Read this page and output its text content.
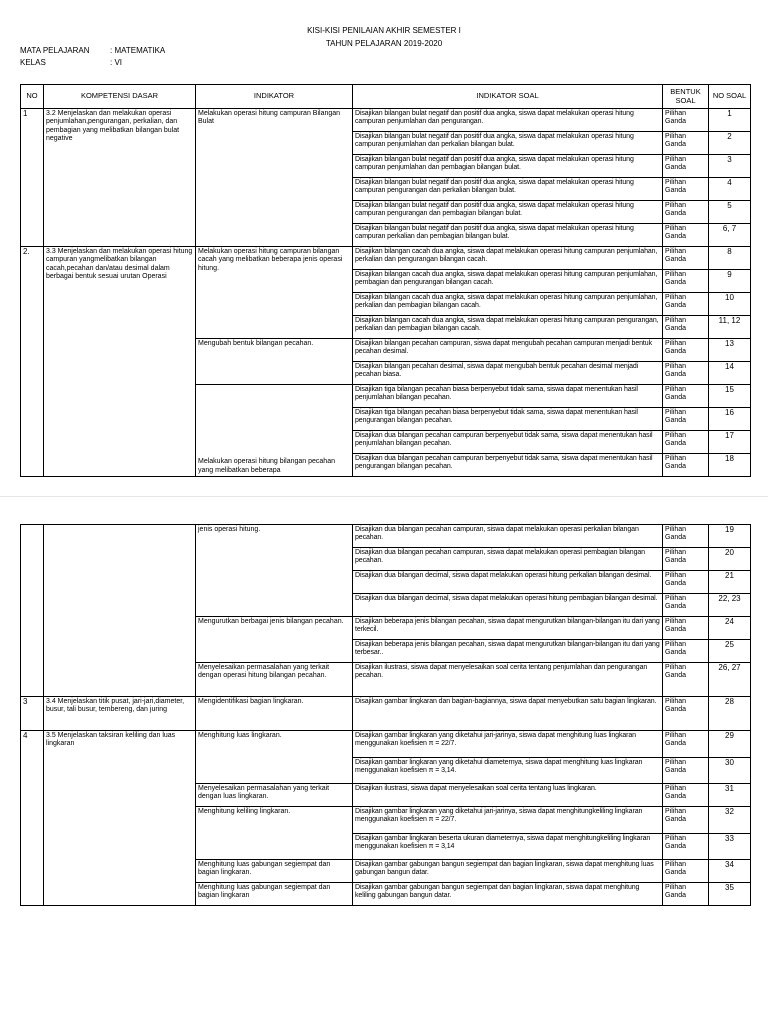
KISI-KISI PENILAIAN AKHIR SEMESTER I
TAHUN PELAJARAN 2019-2020
MATA PELAJARAN	: MATEMATIKA
KELAS	: VI
NO	KOMPETENSI DASAR	INDIKATOR	INDIKATOR SOAL	BENTUK SOAL	NO SOAL
1	3.2 Menjelaskan dan melakukan operasi penjumlahan,pengurangan, perkalian, dan pembagian yang melibatkan bilangan bulat negative	Melakukan operasi hitung campuran Bilangan Bulat	Disajikan bilangan bulat negatif dan positif dua angka, siswa dapat melakukan operasi hitung campuran penjumlahan dan pengurangan.	Pilihan Ganda	1
			Disajikan bilangan bulat negatif dan positif dua angka, siswa dapat melakukan operasi hitung campuran penjumlahan dan perkalian bilangan bulat.	Pilihan Ganda	2
			Disajikan bilangan bulat negatif dan positif dua angka, siswa dapat melakukan operasi hitung campuran penjumlahan dan pembagian bilangan bulat.	Pilihan Ganda	3
			Disajikan bilangan bulat negatif dan positif dua angka, siswa dapat melakukan operasi hitung campuran pengurangan dan perkalian bilangan bulat.	Pilihan Ganda	4
			Disajikan bilangan bulat negatif dan positif dua angka, siswa dapat melakukan operasi hitung campuran pengurangan dan pembagian bilangan bulat.	Pilihan Ganda	5
			Disajikan bilangan bulat negatif dan positif dua angka, siswa dapat melakukan operasi hitung campuran perkalian dan pembagian bilangan bulat.	Pilihan Ganda	6, 7
2.	3.3 Menjelaskan dan melakukan operasi hitung campuran yangmelibatkan bilangan cacah,pecahan dan/atau desimal dalam berbagai bentuk sesuai urutan Operasi	Melakukan operasi hitung campuran bilangan cacah yang melibatkan beberapa jenis operasi hitung.	Disajikan bilangan cacah dua angka, siswa dapat melakukan operasi hitung campuran penjumlahan, perkalian dan pengurangan bilangan cacah.	Pilihan Ganda	8
			Disajikan bilangan cacah dua angka, siswa dapat melakukan operasi hitung campuran penjumlahan, pembagian dan pengurangan bilangan cacah.	Pilihan Ganda	9
			Disajikan bilangan cacah dua angka, siswa dapat melakukan operasi hitung campuran penjumlahan, perkalian dan pembagian bilangan cacah.	Pilihan Ganda	10
			Disajikan bilangan cacah dua angka, siswa dapat melakukan operasi hitung campuran pengurangan, perkalian dan pembagian bilangan cacah.	Pilihan Ganda	11, 12
		Mengubah bentuk bilangan pecahan.	Disajikan bilangan pecahan campuran, siswa dapat mengubah pecahan campuran menjadi bentuk pecahan desimal.	Pilihan Ganda	13
			Disajikan bilangan pecahan desimal, siswa dapat mengubah bentuk pecahan desimal menjadi pecahan biasa.	Pilihan Ganda	14
		Melakukan operasi hitung bilangan pecahan yang melibatkan beberapa	Disajikan tiga bilangan pecahan biasa berpenyebut tidak sama, siswa dapat menentukan hasil penjumlahan bilangan pecahan.	Pilihan Ganda	15
			Disajikan tiga bilangan pecahan biasa berpenyebut tidak sama, siswa dapat menentukan hasil pengurangan bilangan pecahan.	Pilihan Ganda	16
			Disajikan dua bilangan pecahan campuran berpenyebut tidak sama, siswa dapat menentukan hasil penjumlahan bilangan pecahan.	Pilihan Ganda	17
			Disajikan dua bilangan pecahan campuran berpenyebut tidak sama, siswa dapat menentukan hasil pengurangan bilangan pecahan.	Pilihan Ganda	18
		jenis operasi hitung.	Disajikan dua bilangan pecahan campuran, siswa dapat melakukan operasi perkalian bilangan pecahan.	Pilihan Ganda	19
			Disajikan dua bilangan pecahan campuran, siswa dapat melakukan operasi pembagian bilangan pecahan.	Pilihan Ganda	20
			Disajikan dua bilangan decimal, siswa dapat melakukan operasi hitung perkalian bilangan desimal.	Pilihan Ganda	21
			Disajikan dua bilangan decimal, siswa dapat melakukan operasi hitung pembagian bilangan desimal.	Pilihan Ganda	22, 23
		Mengurutkan berbagai jenis bilangan pecahan.	Disajikan beberapa jenis bilangan pecahan, siswa dapat mengurutkan bilangan-bilangan itu dari yang terkecil.	Pilihan Ganda	24
			Disajikan beberapa jenis bilangan pecahan, siswa dapat mengurutkan bilangan-bilangan itu dari yang terbesar..	Pilihan Ganda	25
		Menyelesaikan permasalahan yang terkait dengan operasi hitung bilangan pecahan.	Disajikan ilustrasi, siswa dapat menyelesaikan soal cerita tentang penjumlahan dan pengurangan pecahan.	Pilihan Ganda	26, 27
3	3.4 Menjelaskan titik pusat, jari-jari,diameter, busur, tali busur, tembereng, dan juring	Mengidentifikasi bagian lingkaran.	Disajikan gambar lingkaran dan bagian-bagiannya, siswa dapat menyebutkan satu bagian lingkaran.	Pilihan Ganda	28
4	3.5 Menjelaskan taksiran keliling dan luas lingkaran	Menghitung luas lingkaran.	Disajikan gambar lingkaran yang diketahui jari-jarinya, siswa dapat menghitung luas lingkaran menggunakan koefisien π = 22/7.	Pilihan Ganda	29
			Disajikan gambar lingkaran yang diketahui diameternya, siswa dapat menghitung luas lingkaran menggunakan koefisien π = 3,14.	Pilihan Ganda	30
		Menyelesaikan permasalahan yang terkait dengan luas lingkaran.	Disajikan ilustrasi, siswa dapat menyelesaikan soal cerita tentang luas lingkaran.	Pilihan Ganda	31
		Menghitung keliling lingkaran.	Disajikan gambar lingkaran yang diketahui jari-jarinya, siswa dapat menghitungkeliling lingkaran menggunakan koefisien π = 22/7.	Pilihan Ganda	32
			Disajikan gambar lingkaran beserta ukuran diameternya, siswa dapat menghitungkeliling lingkaran menggunakan koefisien π = 3,14	Pilihan Ganda	33
		Menghitung luas gabungan segiempat dan bagian lingkaran.	Disajikan gambar gabungan bangun segiempat dan bagian lingkaran, siswa dapat menghitung luas gabungan bangun datar.	Pilihan Ganda	34
		Menghitung luas gabungan segiempat dan bagian lingkaran	Disajikan gambar gabungan bangun segiempat dan bagian lingkaran, siswa dapat menghitung keliling gabungan bangun datar.	Pilihan Ganda	35
